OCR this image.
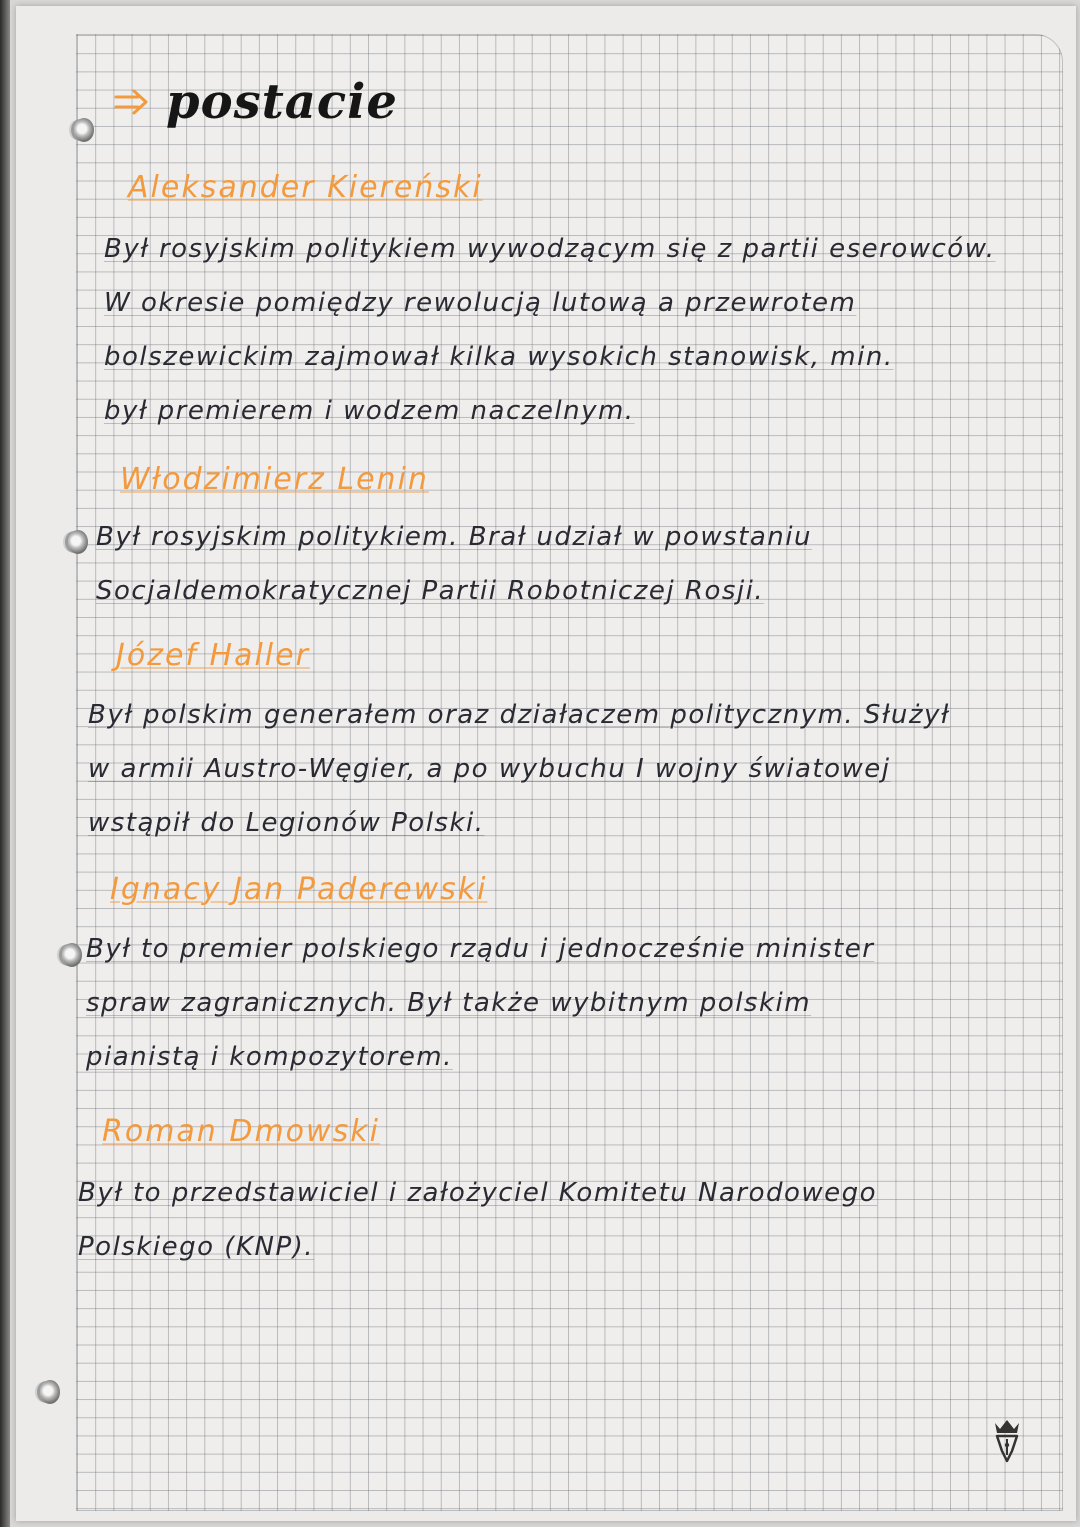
postacie
Aleksander Kiereński
Był rosyjskim politykiem wywodzącym się z partii eserowców.
W okresie pomiędzy rewolucją lutową a przewrotem
bolszewickim zajmował kilka wysokich stanowisk, min.
był premierem i wodzem naczelnym.
Włodzimierz Lenin
Był rosyjskim politykiem. Brał udział w powstaniu
Socjaldemokratycznej Partii Robotniczej Rosji.
Józef Haller
Był polskim generałem oraz działaczem politycznym. Służył
w armii Austro-Węgier, a po wybuchu I wojny światowej
wstąpił do Legionów Polski.
Ignacy Jan Paderewski
Był to premier polskiego rządu i jednocześnie minister
spraw zagranicznych. Był także wybitnym polskim
pianistą i kompozytorem.
Roman Dmowski
Był to przedstawiciel i założyciel Komitetu Narodowego
Polskiego (KNP).
